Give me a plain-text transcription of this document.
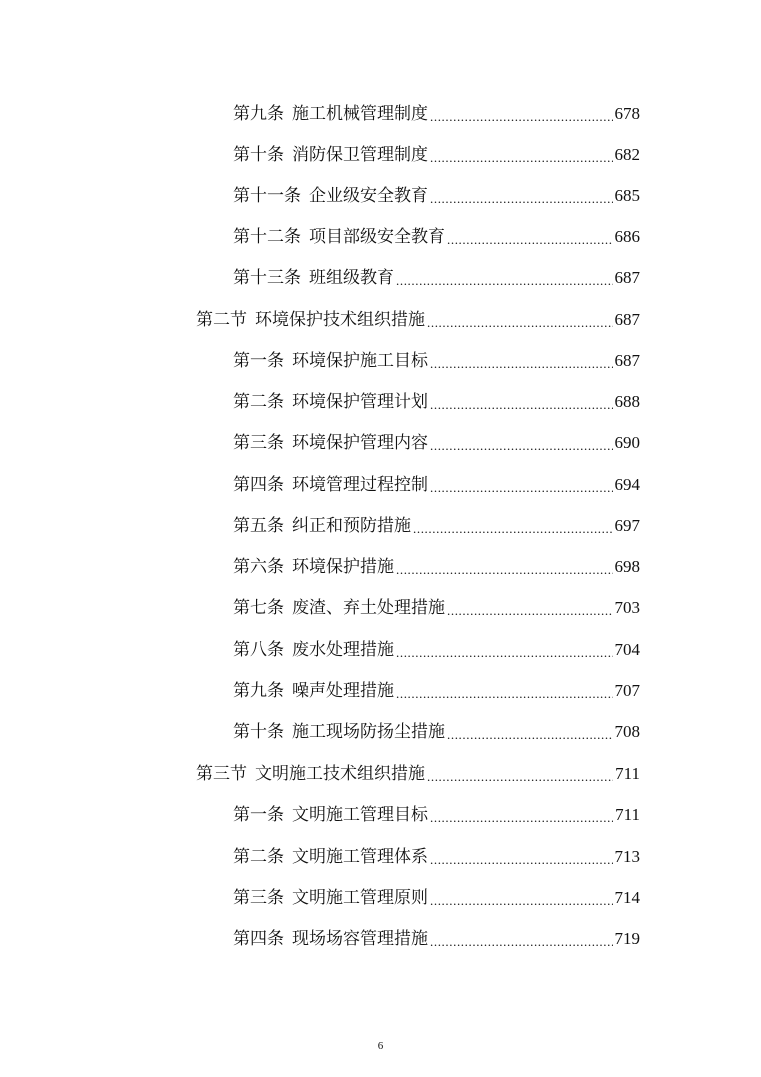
第九条 施工机械管理制度 .....	678
第十条 消防保卫管理制度 .....	682
第十一条 企业级安全教育 .....	685
第十二条 项目部级安全教育 .....	686
第十三条 班组级教育 .....	687
第二节 环境保护技术组织措施 .....	687
第一条 环境保护施工目标 .....	687
第二条 环境保护管理计划 .....	688
第三条 环境保护管理内容 .....	690
第四条 环境管理过程控制 .....	694
第五条 纠正和预防措施 .....	697
第六条 环境保护措施 .....	698
第七条 废渣、弃土处理措施 .....	703
第八条 废水处理措施 .....	704
第九条 噪声处理措施 .....	707
第十条 施工现场防扬尘措施 .....	708
第三节 文明施工技术组织措施 .....	711
第一条 文明施工管理目标 .....	711
第二条 文明施工管理体系 .....	713
第三条 文明施工管理原则 .....	714
第四条 现场场容管理措施 .....	719
6
